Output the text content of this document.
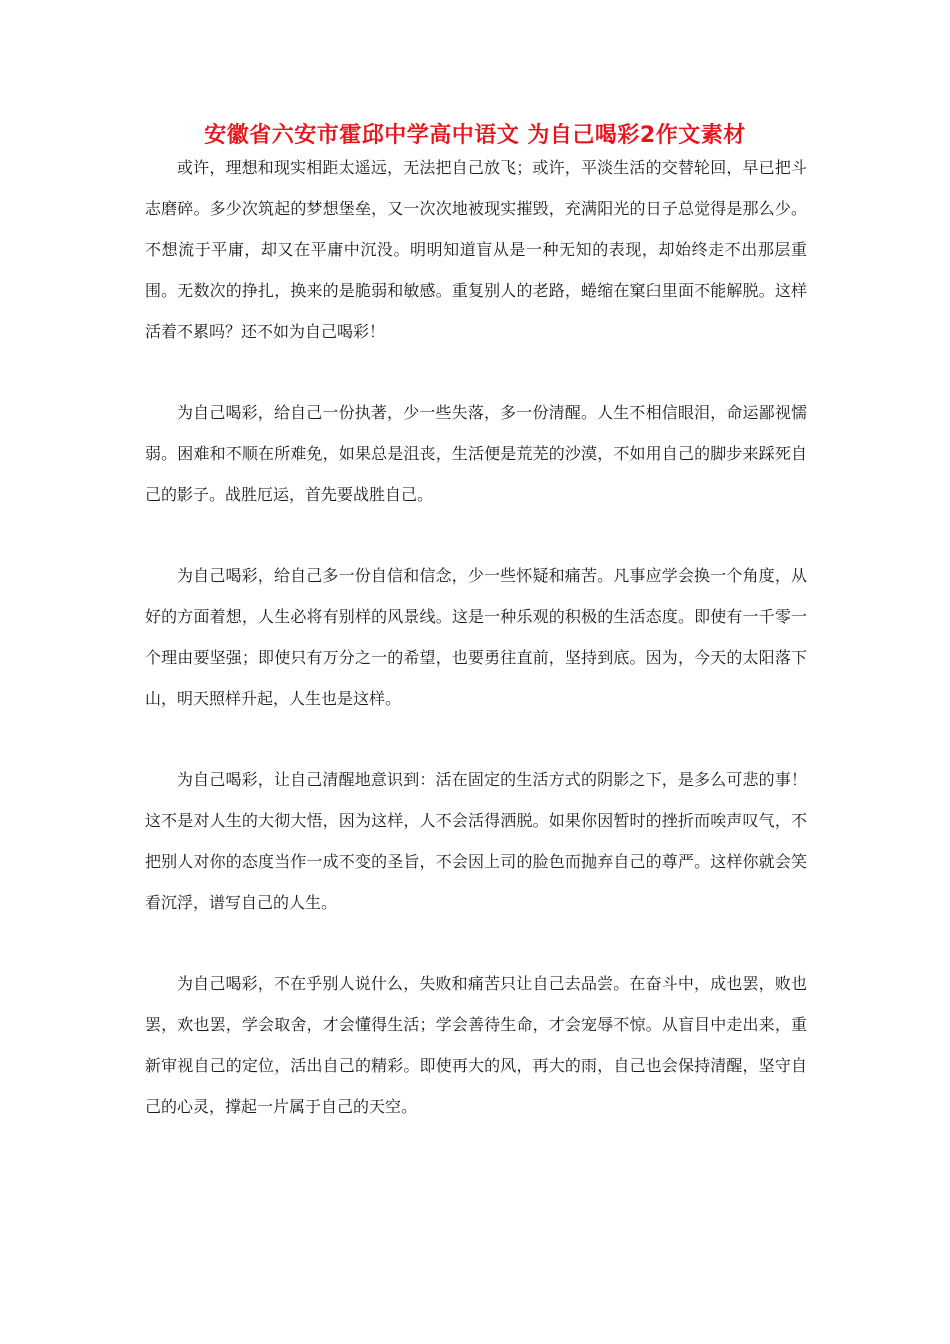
安徽省六安市霍邱中学高中语文 为自己喝彩2作文素材

或许，理想和现实相距太遥远，无法把自己放飞；或许，平淡生活的交替轮回，早已把斗志磨碎。多少次筑起的梦想堡垒，又一次次地被现实摧毁，充满阳光的日子总觉得是那么少。不想流于平庸，却又在平庸中沉没。明明知道盲从是一种无知的表现，却始终走不出那层重围。无数次的挣扎，换来的是脆弱和敏感。重复别人的老路，蜷缩在窠臼里面不能解脱。这样活着不累吗？还不如为自己喝彩！

为自己喝彩，给自己一份执著，少一些失落，多一份清醒。人生不相信眼泪，命运鄙视懦弱。困难和不顺在所难免，如果总是沮丧，生活便是荒芜的沙漠，不如用自己的脚步来踩死自己的影子。战胜厄运，首先要战胜自己。

为自己喝彩，给自己多一份自信和信念，少一些怀疑和痛苦。凡事应学会换一个角度，从好的方面着想，人生必将有别样的风景线。这是一种乐观的积极的生活态度。即使有一千零一个理由要坚强；即使只有万分之一的希望，也要勇往直前，坚持到底。因为，今天的太阳落下山，明天照样升起，人生也是这样。

为自己喝彩，让自己清醒地意识到：活在固定的生活方式的阴影之下，是多么可悲的事！这不是对人生的大彻大悟，因为这样，人不会活得洒脱。如果你因暂时的挫折而唉声叹气，不把别人对你的态度当作一成不变的圣旨，不会因上司的脸色而抛弃自己的尊严。这样你就会笑看沉浮，谱写自己的人生。

为自己喝彩，不在乎别人说什么，失败和痛苦只让自己去品尝。在奋斗中，成也罢，败也罢，欢也罢，学会取舍，才会懂得生活；学会善待生命，才会宠辱不惊。从盲目中走出来，重新审视自己的定位，活出自己的精彩。即使再大的风，再大的雨，自己也会保持清醒，坚守自己的心灵，撑起一片属于自己的天空。
